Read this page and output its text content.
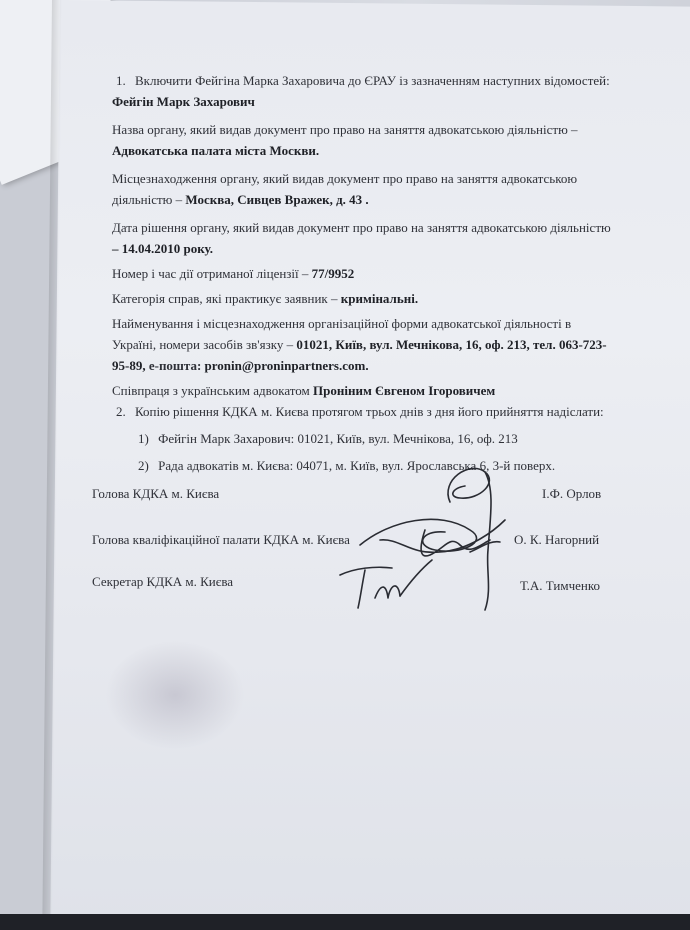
1. Включити Фейгіна Марка Захаровича до ЄРАУ із зазначенням наступних відомостей:

Фейгін Марк Захарович

Назва органу, який видав документ про право на заняття адвокатською діяльністю – Адвокатська палата міста Москви.

Місцезнаходження органу, який видав документ про право на заняття адвокатською
діяльністю – Москва, Сивцев Вражек, д. 43 .

Дата рішення органу, який видав документ про право на заняття адвокатською діяльністю
– 14.04.2010 року.

Номер і час дії отриманої ліцензії – 77/9952

Категорія справ, які практикує заявник – кримінальні.

Найменування і місцезнаходження організаційної форми адвокатської діяльності в
Україні, номери засобів зв'язку – 01021, Київ, вул. Мечнікова, 16, оф. 213, тел. 063-723-
95-89, е-пошта: pronin@proninpartners.com.

Співпраця з українським адвокатом Проніним Євгеном Ігоровичем

2. Копію рішення КДКА м. Києва протягом трьох днів з дня його прийняття надіслати:

1) Фейгін Марк Захарович: 01021, Київ, вул. Мечнікова, 16, оф. 213

2) Рада адвокатів м. Києва: 04071, м. Київ, вул. Ярославська 6, 3-й поверх.

Голова КДКА м. Києва	І.Ф. Орлов
Голова кваліфікаційної палати КДКА м. Києва	О. К. Нагорний
Секретар КДКА м. Києва	Т.А. Тимченко
